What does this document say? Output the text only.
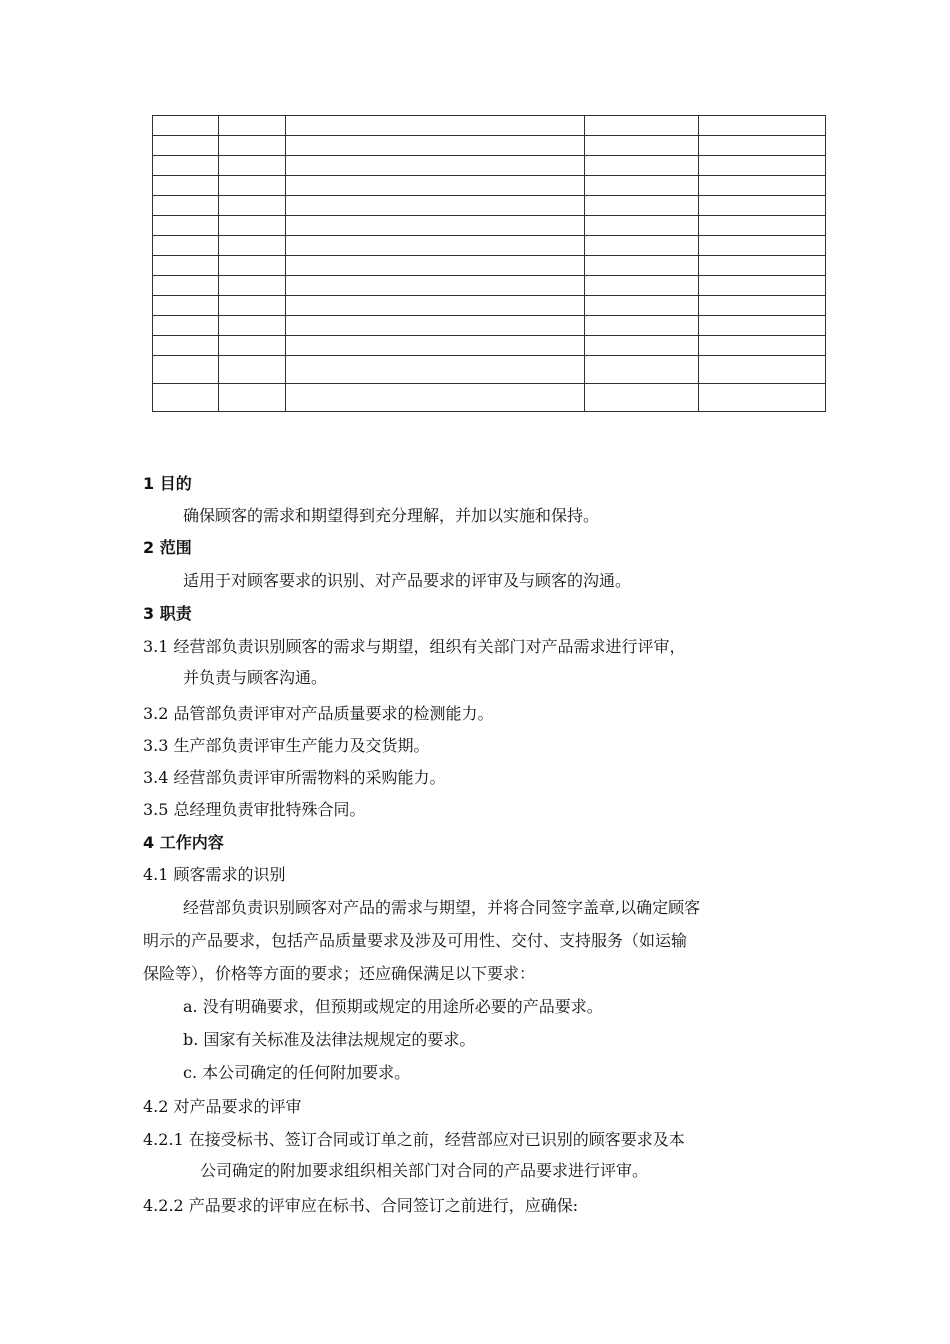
1 目的
确保顾客的需求和期望得到充分理解，并加以实施和保持。
2 范围
适用于对顾客要求的识别、对产品要求的评审及与顾客的沟通。
3 职责
3.1 经营部负责识别顾客的需求与期望，组织有关部门对产品需求进行评审，
并负责与顾客沟通。
3.2 品管部负责评审对产品质量要求的检测能力。
3.3 生产部负责评审生产能力及交货期。
3.4 经营部负责评审所需物料的采购能力。
3.5 总经理负责审批特殊合同。
4 工作内容
4.1 顾客需求的识别
经营部负责识别顾客对产品的需求与期望，并将合同签字盖章,以确定顾客
明示的产品要求，包括产品质量要求及涉及可用性、交付、支持服务（如运输
保险等），价格等方面的要求；还应确保满足以下要求：
a. 没有明确要求，但预期或规定的用途所必要的产品要求。
b. 国家有关标准及法律法规规定的要求。
c. 本公司确定的任何附加要求。
4.2 对产品要求的评审
4.2.1 在接受标书、签订合同或订单之前，经营部应对已识别的顾客要求及本
公司确定的附加要求组织相关部门对合同的产品要求进行评审。
4.2.2 产品要求的评审应在标书、合同签订之前进行，应确保:
